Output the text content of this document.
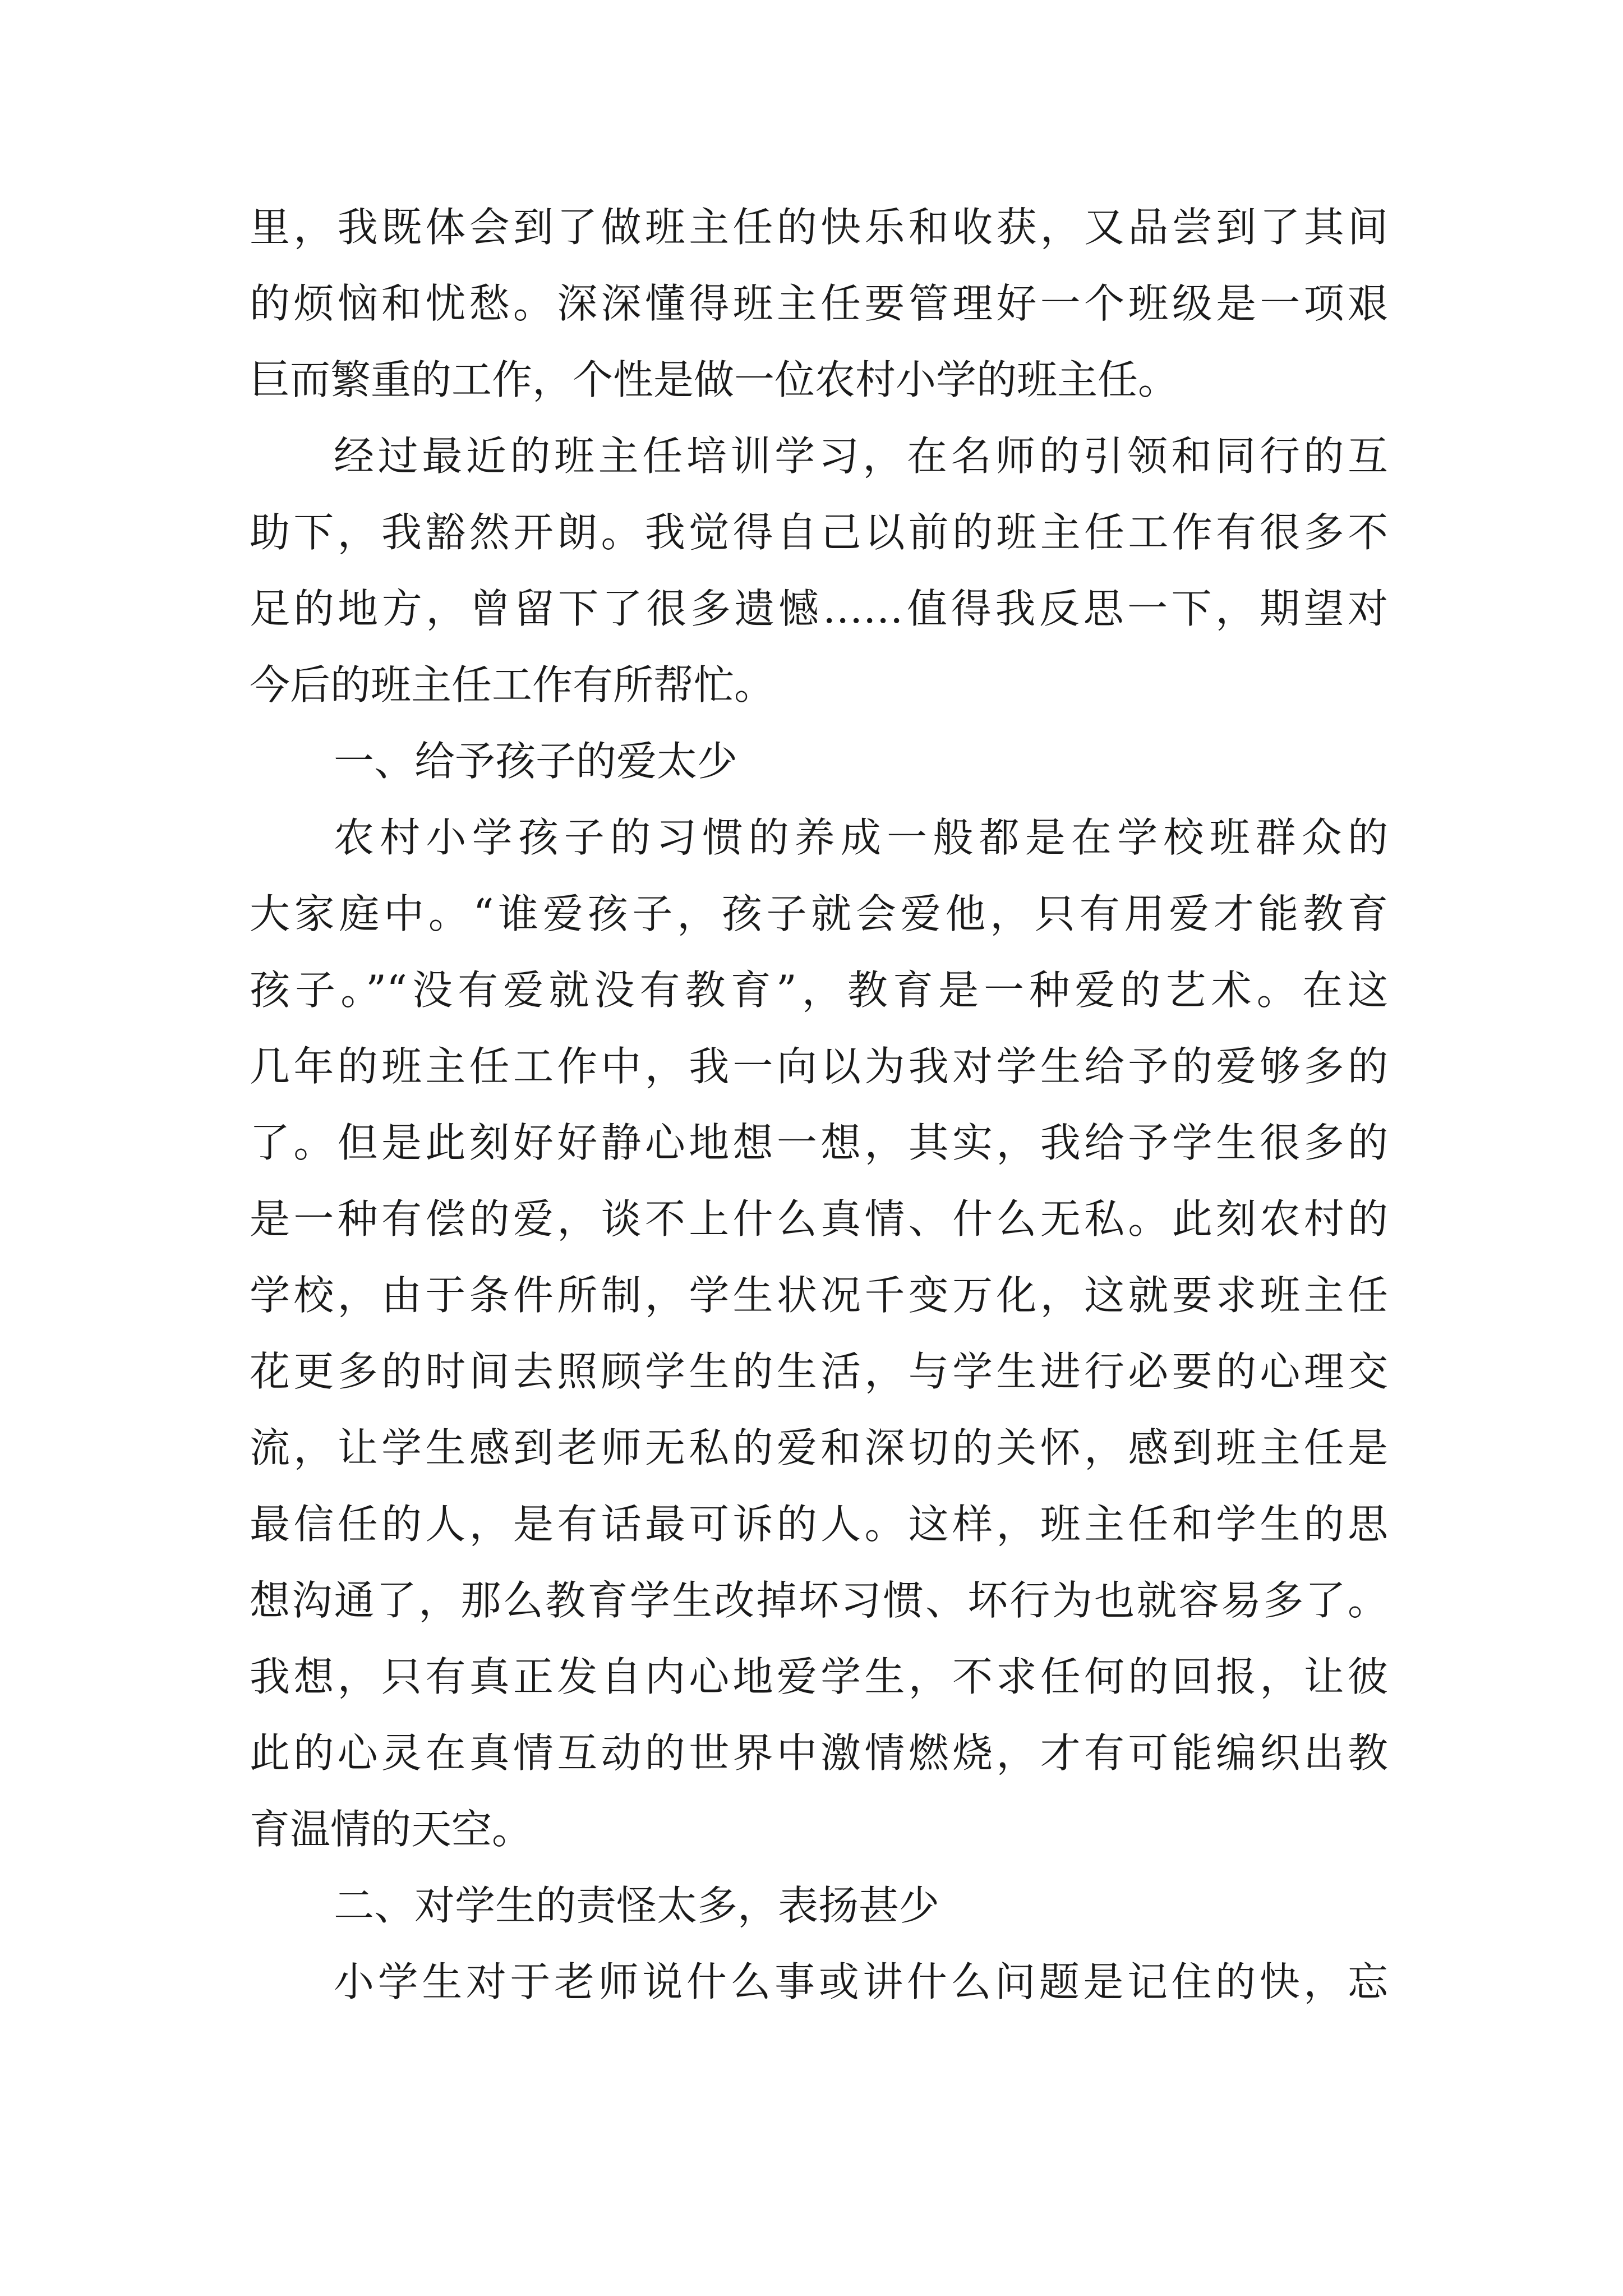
里，我既体会到了做班主任的快乐和收获，又品尝到了其间
的烦恼和忧愁。深深懂得班主任要管理好一个班级是一项艰
巨而繁重的工作，个性是做一位农村小学的班主任。
经过最近的班主任培训学习，在名师的引领和同行的互
助下，我豁然开朗。我觉得自己以前的班主任工作有很多不
足的地方，曾留下了很多遗憾……值得我反思一下，期望对
今后的班主任工作有所帮忙。
一、给予孩子的爱太少
农村小学孩子的习惯的养成一般都是在学校班群众的
大家庭中。“谁爱孩子，孩子就会爱他，只有用爱才能教育
孩子。”“没有爱就没有教育”，教育是一种爱的艺术。在这
几年的班主任工作中，我一向以为我对学生给予的爱够多的
了。但是此刻好好静心地想一想，其实，我给予学生很多的
是一种有偿的爱，谈不上什么真情、什么无私。此刻农村的
学校，由于条件所制，学生状况千变万化，这就要求班主任
花更多的时间去照顾学生的生活，与学生进行必要的心理交
流，让学生感到老师无私的爱和深切的关怀，感到班主任是
最信任的人，是有话最可诉的人。这样，班主任和学生的思
想沟通了，那么教育学生改掉坏习惯、坏行为也就容易多了。
我想，只有真正发自内心地爱学生，不求任何的回报，让彼
此的心灵在真情互动的世界中激情燃烧，才有可能编织出教
育温情的天空。
二、对学生的责怪太多，表扬甚少
小学生对于老师说什么事或讲什么问题是记住的快，忘
